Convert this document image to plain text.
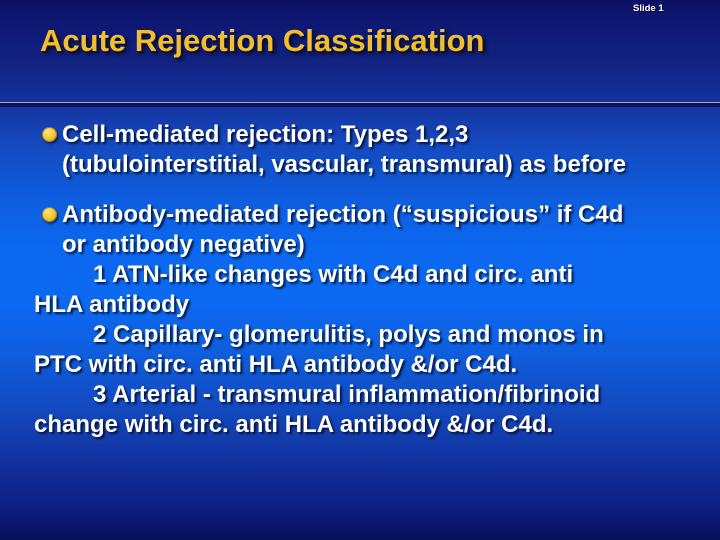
Slide 1
Acute Rejection Classification
Cell-mediated rejection: Types 1,2,3
(tubulointerstitial, vascular, transmural) as before
Antibody-mediated rejection (“suspicious” if C4d
or antibody negative)
1 ATN-like changes with C4d and circ. anti
HLA antibody
2 Capillary- glomerulitis, polys and monos in
PTC with circ. anti HLA antibody &/or C4d.
3 Arterial - transmural inflammation/fibrinoid
change with circ. anti HLA antibody &/or C4d.
